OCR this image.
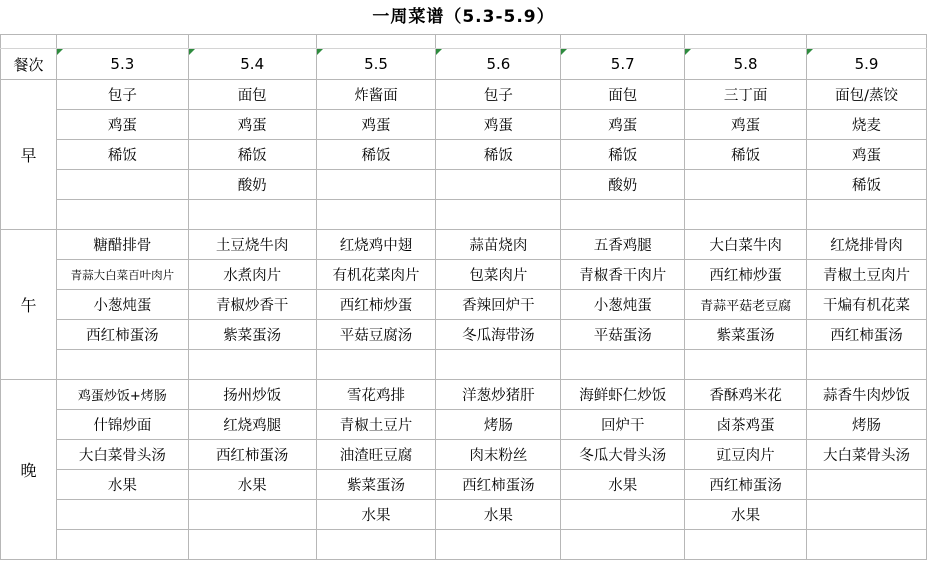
一周菜谱（5.3-5.9）

餐次	5.3	5.4	5.5	5.6	5.7	5.8	5.9
早	包子	面包	炸酱面	包子	面包	三丁面	面包/蒸饺
	鸡蛋	鸡蛋	鸡蛋	鸡蛋	鸡蛋	鸡蛋	烧麦
	稀饭	稀饭	稀饭	稀饭	稀饭	稀饭	鸡蛋
		酸奶			酸奶		稀饭

午	糖醋排骨	土豆烧牛肉	红烧鸡中翅	蒜苗烧肉	五香鸡腿	大白菜牛肉	红烧排骨肉
	青蒜大白菜百叶肉片	水煮肉片	有机花菜肉片	包菜肉片	青椒香干肉片	西红柿炒蛋	青椒土豆肉片
	小葱炖蛋	青椒炒香干	西红柿炒蛋	香辣回炉干	小葱炖蛋	青蒜平菇老豆腐	干煸有机花菜
	西红柿蛋汤	紫菜蛋汤	平菇豆腐汤	冬瓜海带汤	平菇蛋汤	紫菜蛋汤	西红柿蛋汤

晚	鸡蛋炒饭+烤肠	扬州炒饭	雪花鸡排	洋葱炒猪肝	海鲜虾仁炒饭	香酥鸡米花	蒜香牛肉炒饭
	什锦炒面	红烧鸡腿	青椒土豆片	烤肠	回炉干	卤茶鸡蛋	烤肠
	大白菜骨头汤	西红柿蛋汤	油渣旺豆腐	肉末粉丝	冬瓜大骨头汤	豇豆肉片	大白菜骨头汤
	水果	水果	紫菜蛋汤	西红柿蛋汤	水果	西红柿蛋汤	
			水果	水果		水果	
